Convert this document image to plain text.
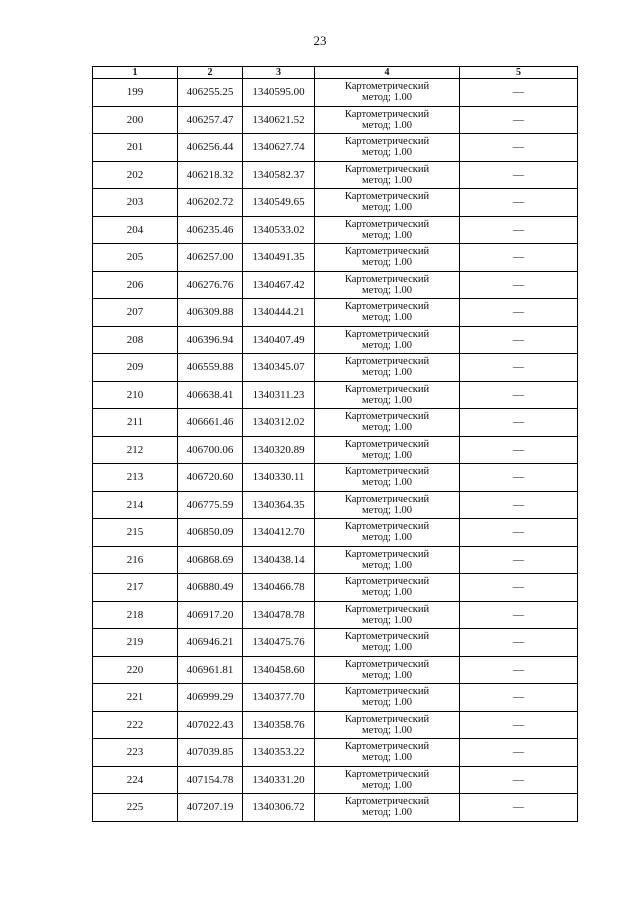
23
1	2	3	4	5
199	406255.25	1340595.00	Картометрический
метод; 1.00	—
200	406257.47	1340621.52	Картометрический
метод; 1.00	—
201	406256.44	1340627.74	Картометрический
метод; 1.00	—
202	406218.32	1340582.37	Картометрический
метод; 1.00	—
203	406202.72	1340549.65	Картометрический
метод; 1.00	—
204	406235.46	1340533.02	Картометрический
метод; 1.00	—
205	406257.00	1340491.35	Картометрический
метод; 1.00	—
206	406276.76	1340467.42	Картометрический
метод; 1.00	—
207	406309.88	1340444.21	Картометрический
метод; 1.00	—
208	406396.94	1340407.49	Картометрический
метод; 1.00	—
209	406559.88	1340345.07	Картометрический
метод; 1.00	—
210	406638.41	1340311.23	Картометрический
метод; 1.00	—
211	406661.46	1340312.02	Картометрический
метод; 1.00	—
212	406700.06	1340320.89	Картометрический
метод; 1.00	—
213	406720.60	1340330.11	Картометрический
метод; 1.00	—
214	406775.59	1340364.35	Картометрический
метод; 1.00	—
215	406850.09	1340412.70	Картометрический
метод; 1.00	—
216	406868.69	1340438.14	Картометрический
метод; 1.00	—
217	406880.49	1340466.78	Картометрический
метод; 1.00	—
218	406917.20	1340478.78	Картометрический
метод; 1.00	—
219	406946.21	1340475.76	Картометрический
метод; 1.00	—
220	406961.81	1340458.60	Картометрический
метод; 1.00	—
221	406999.29	1340377.70	Картометрический
метод; 1.00	—
222	407022.43	1340358.76	Картометрический
метод; 1.00	—
223	407039.85	1340353.22	Картометрический
метод; 1.00	—
224	407154.78	1340331.20	Картометрический
метод; 1.00	—
225	407207.19	1340306.72	Картометрический
метод; 1.00	—
